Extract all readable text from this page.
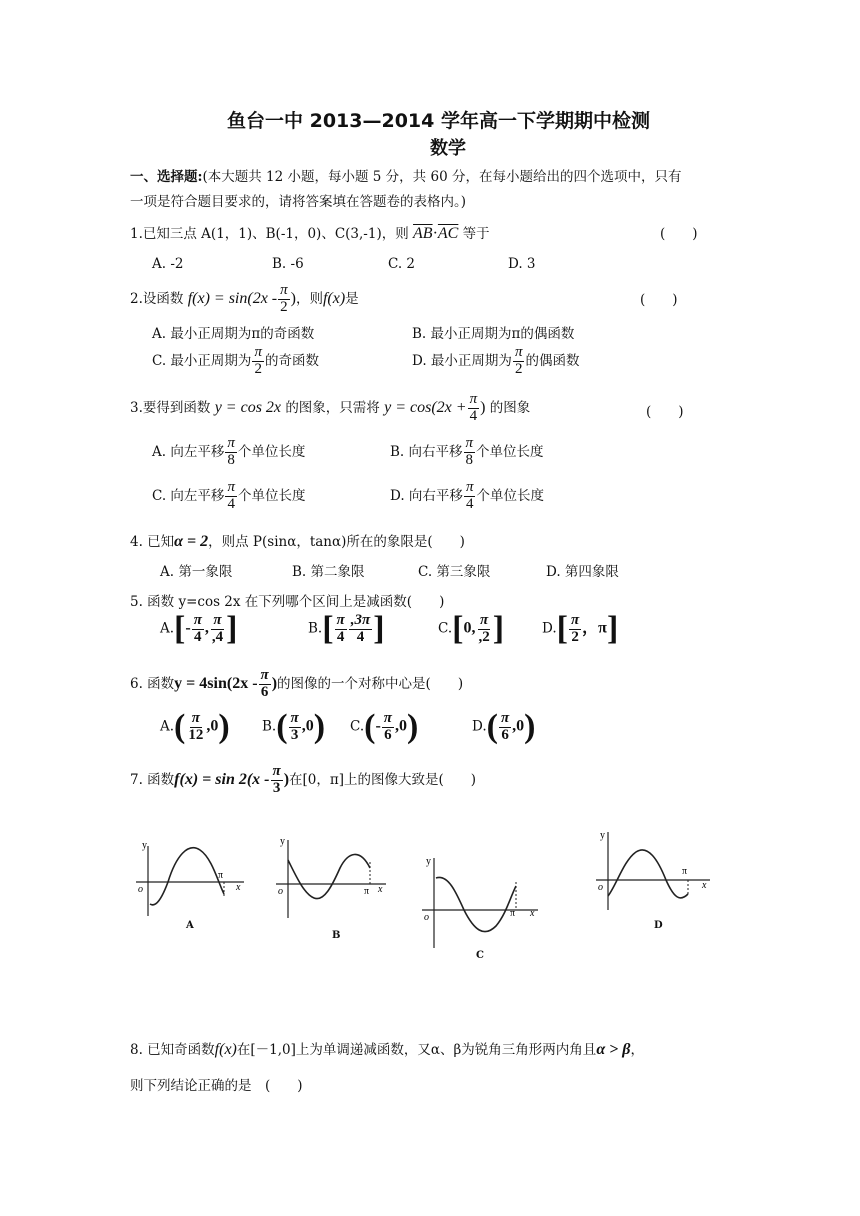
鱼台一中 2013—2014 学年高一下学期期中检测
数学
一、选择题:(本大题共 12 小题，每小题 5 分，共 60 分，在每小题给出的四个选项中，只有
一项是符合题目要求的，请将答案填在答题卷的表格内。)
1.已知三点 A(1，1)、B(-1，0)、C(3,-1)，则 $\overline{AB}\cdot\overline{AC}$ 等于	(　　)
A. -2	B. -6	C. 2	D. 3
2.设函数 $f(x) = \sin(2x - \frac{\pi}{2}$ )，则f(x)是	(　　)
A. 最小正周期为π的奇函数	B. 最小正周期为π的偶函数
C. 最小正周期为 $\frac{\pi}{2}$ 的奇函数	D. 最小正周期为 $\frac{\pi}{2}$ 的偶函数
3.要得到函数 y = cos 2x 的图象，只需将 $y = \cos(2x + \frac{\pi}{4}$ ) 的图象	(　　)
A. 向左平移 $\frac{\pi}{8}$ 个单位长度	B. 向右平移 $\frac{\pi}{8}$ 个单位长度
C. 向左平移 $\frac{\pi}{4}$ 个单位长度	D. 向右平移 $\frac{\pi}{4}$ 个单位长度
4. 已知α = 2，则点 P(sinα，tanα)所在的象限是(　　)
A. 第一象限	B. 第二象限	C. 第三象限	D. 第四象限
5. 函数 y=cos 2x 在下列哪个区间上是减函数(　　)
$A.[- \frac{\pi}{4}$ , $\frac{\pi}{,4}$ ]	$B.[ \frac{\pi}{4} \frac{,3\pi}{4}$ ]	C.[0, $\frac{\pi}{,2}$ ]	$D.[ \frac{\pi}{2}$ ，π]
6. 函数$y = 4\sin(2x - \frac{\pi}{6}$ )的图像的一个对称中心是(　　)
$A.( \frac{\pi}{12} ,0)$ $B.( \frac{\pi}{3} ,0)$ $C.(- \frac{\pi}{6} ,0)$	$D.( \frac{\pi}{6} ,0)$
7. 函数$f(x) = \sin 2(x - \frac{\pi}{3}$ )在[0，π]上的图像大致是(　　)
y
o	x
π
A
y
o	x
π
B
y
o	x
π
C
y
o	x
π
D
8. 已知奇函数f(x)在[－1,0]上为单调递减函数，又α、β为锐角三角形两内角且α > β，
则下列结论正确的是　(　　)
